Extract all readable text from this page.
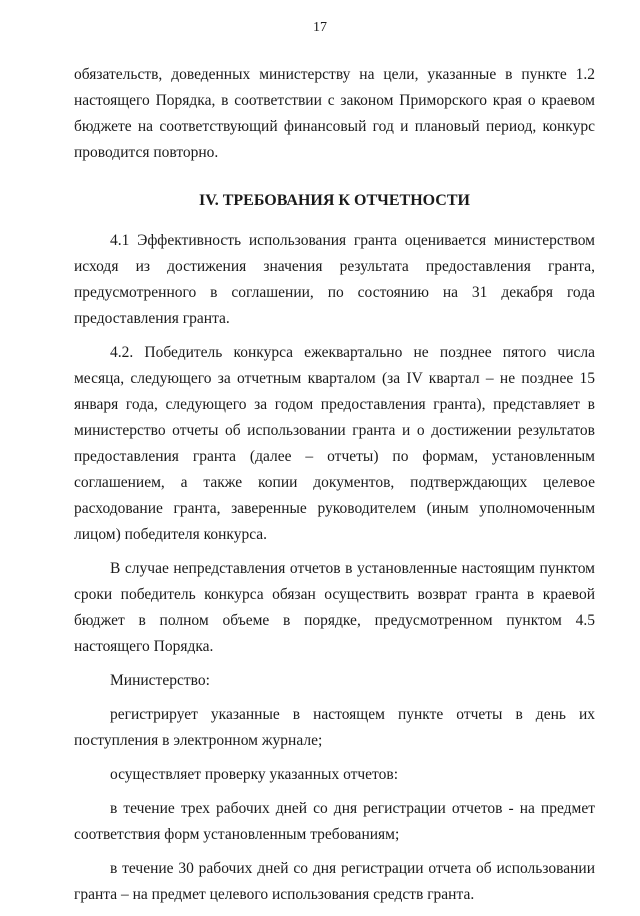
17

обязательств, доведенных министерству на цели, указанные в пункте 1.2 настоящего Порядка, в соответствии с законом Приморского края о краевом бюджете на соответствующий финансовый год и плановый период, конкурс проводится повторно.

IV. ТРЕБОВАНИЯ К ОТЧЕТНОСТИ

4.1 Эффективность использования гранта оценивается министерством исходя из достижения значения результата предоставления гранта, предусмотренного в соглашении, по состоянию на 31 декабря года предоставления гранта.

4.2. Победитель конкурса ежеквартально не позднее пятого числа месяца, следующего за отчетным кварталом (за IV квартал – не позднее 15 января года, следующего за годом предоставления гранта), представляет в министерство отчеты об использовании гранта и о достижении результатов предоставления гранта (далее – отчеты) по формам, установленным соглашением, а также копии документов, подтверждающих целевое расходование гранта, заверенные руководителем (иным уполномоченным лицом) победителя конкурса.

В случае непредставления отчетов в установленные настоящим пунктом сроки победитель конкурса обязан осуществить возврат гранта в краевой бюджет в полном объеме в порядке, предусмотренном пунктом 4.5 настоящего Порядка.

Министерство:

регистрирует указанные в настоящем пункте отчеты в день их поступления в электронном журнале;

осуществляет проверку указанных отчетов:

в течение трех рабочих дней со дня регистрации отчетов - на предмет соответствия форм установленным требованиям;

в течение 30 рабочих дней со дня регистрации отчета об использовании гранта – на предмет целевого использования средств гранта.
